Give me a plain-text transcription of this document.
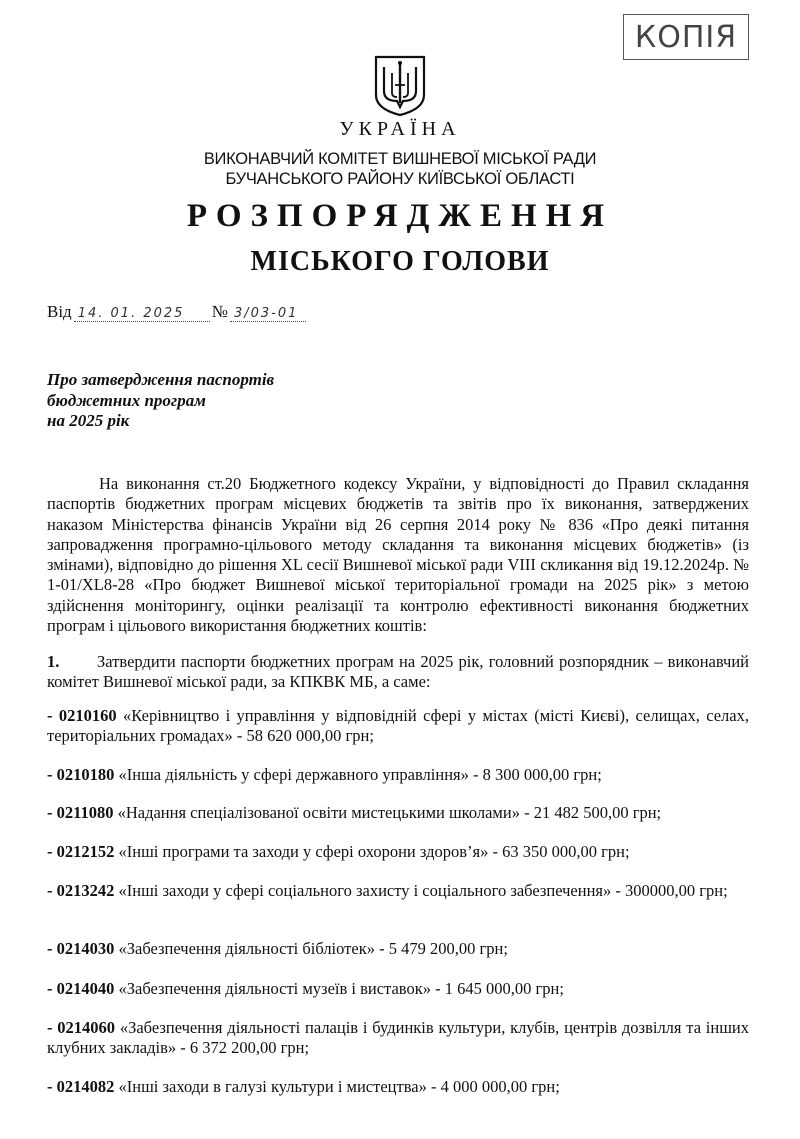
КОПІЯ
УКРАЇНА
ВИКОНАВЧИЙ КОМІТЕТ ВИШНЕВОЇ МІСЬКОЇ РАДИ
БУЧАНСЬКОГО РАЙОНУ КИЇВСЬКОЇ ОБЛАСТІ
РОЗПОРЯДЖЕННЯ
МІСЬКОГО ГОЛОВИ
Від 14. 01. 2025	№ 3/03-01
Про затвердження паспортів
бюджетних програм
на 2025 рік
На виконання ст.20 Бюджетного кодексу України, у відповідності до Правил складання паспортів бюджетних програм місцевих бюджетів та звітів про їх виконання, затверджених наказом Міністерства фінансів України від 26 серпня 2014 року № 836 «Про деякі питання запровадження програмно-цільового методу складання та виконання місцевих бюджетів» (із змінами), відповідно до рішення XL сесії Вишневої міської ради VIII скликання від 19.12.2024р. № 1-01/XL8-28 «Про бюджет Вишневої міської територіальної громади на 2025 рік» з метою здійснення моніторингу, оцінки реалізації та контролю ефективності виконання бюджетних програм і цільового використання бюджетних коштів:
1. Затвердити паспорти бюджетних програм на 2025 рік, головний розпорядник – виконавчий комітет Вишневої міської ради, за КПКВК МБ, а саме:
- 0210160 «Керівництво і управління у відповідній сфері у містах (місті Києві), селищах, селах, територіальних громадах» - 58 620 000,00 грн;
- 0210180 «Інша діяльність у сфері державного управління» - 8 300 000,00 грн;
- 0211080 «Надання спеціалізованої освіти мистецькими школами» - 21 482 500,00 грн;
- 0212152 «Інші програми та заходи у сфері охорони здоров’я» - 63 350 000,00 грн;
- 0213242 «Інші заходи у сфері соціального захисту і соціального забезпечення» - 300000,00 грн;
- 0214030 «Забезпечення діяльності бібліотек» - 5 479 200,00 грн;
- 0214040 «Забезпечення діяльності музеїв і виставок» - 1 645 000,00 грн;
- 0214060 «Забезпечення діяльності палаців і будинків культури, клубів, центрів дозвілля та інших клубних закладів» - 6 372 200,00 грн;
- 0214082 «Інші заходи в галузі культури і мистецтва» - 4 000 000,00 грн;
